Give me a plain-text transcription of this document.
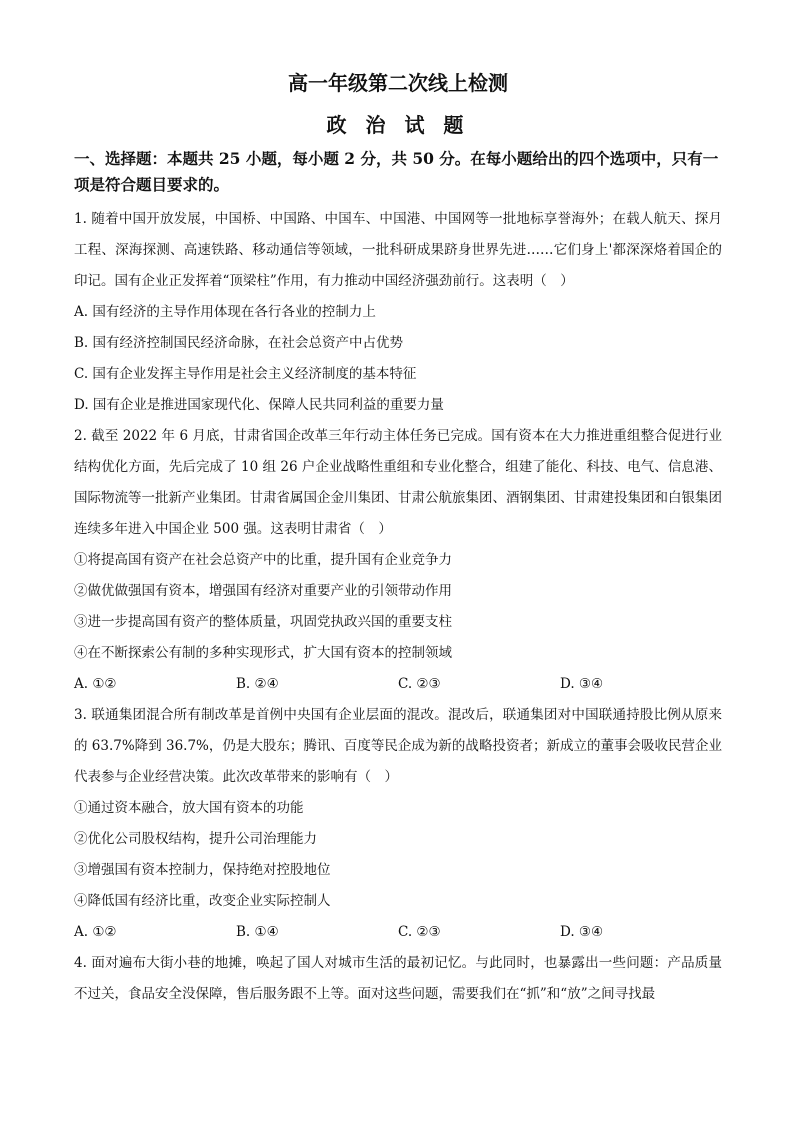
高一年级第二次线上检测
政 治 试 题
一、选择题：本题共 25 小题，每小题 2 分，共 50 分。在每小题给出的四个选项中，只有一项是符合题目要求的。

1. 随着中国开放发展，中国桥、中国路、中国车、中国港、中国网等一批地标享誉海外；在载人航天、探月工程、深海探测、高速铁路、移动通信等领域，一批科研成果跻身世界先进……它们身上'都深深烙着国企的印记。国有企业正发挥着“顶梁柱”作用，有力推动中国经济强劲前行。这表明（　）

A. 国有经济的主导作用体现在各行各业的控制力上
B. 国有经济控制国民经济命脉，在社会总资产中占优势
C. 国有企业发挥主导作用是社会主义经济制度的基本特征
D. 国有企业是推进国家现代化、保障人民共同利益的重要力量

2. 截至 2022 年 6 月底，甘肃省国企改革三年行动主体任务已完成。国有资本在大力推进重组整合促进行业结构优化方面，先后完成了 10 组 26 户企业战略性重组和专业化整合，组建了能化、科技、电气、信息港、国际物流等一批新产业集团。甘肃省属国企金川集团、甘肃公航旅集团、酒钢集团、甘肃建投集团和白银集团连续多年进入中国企业 500 强。这表明甘肃省（　）

①将提高国有资产在社会总资产中的比重，提升国有企业竞争力
②做优做强国有资本，增强国有经济对重要产业的引领带动作用
③进一步提高国有资产的整体质量，巩固党执政兴国的重要支柱
④在不断探索公有制的多种实现形式，扩大国有资本的控制领域
A. ①②	B. ②④	C. ②③	D. ③④

3. 联通集团混合所有制改革是首例中央国有企业层面的混改。混改后，联通集团对中国联通持股比例从原来的 63.7%降到 36.7%，仍是大股东；腾讯、百度等民企成为新的战略投资者；新成立的董事会吸收民营企业代表参与企业经营决策。此次改革带来的影响有（　）

①通过资本融合，放大国有资本的功能
②优化公司股权结构，提升公司治理能力
③增强国有资本控制力，保持绝对控股地位
④降低国有经济比重，改变企业实际控制人
A. ①②	B. ①④	C. ②③	D. ③④

4. 面对遍布大街小巷的地摊，唤起了国人对城市生活的最初记忆。与此同时，也暴露出一些问题：产品质量不过关，食品安全没保障，售后服务跟不上等。面对这些问题，需要我们在“抓”和“放”之间寻找最
